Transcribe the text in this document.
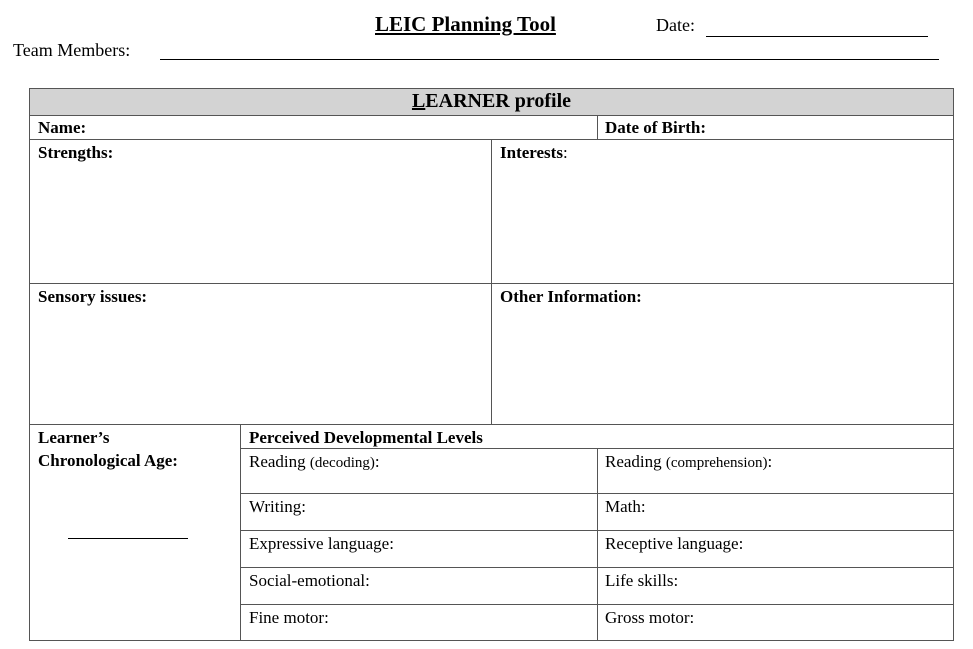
LEIC Planning Tool	Date:
Team Members:
LEARNER profile
Name:	Date of Birth:
Strengths:	Interests:
Sensory issues:	Other Information:
Learner’s
Chronological Age:
Perceived Developmental Levels
Reading (decoding):	Reading (comprehension):
Writing:	Math:
Expressive language:	Receptive language:
Social-emotional:	Life skills:
Fine motor:	Gross motor:
